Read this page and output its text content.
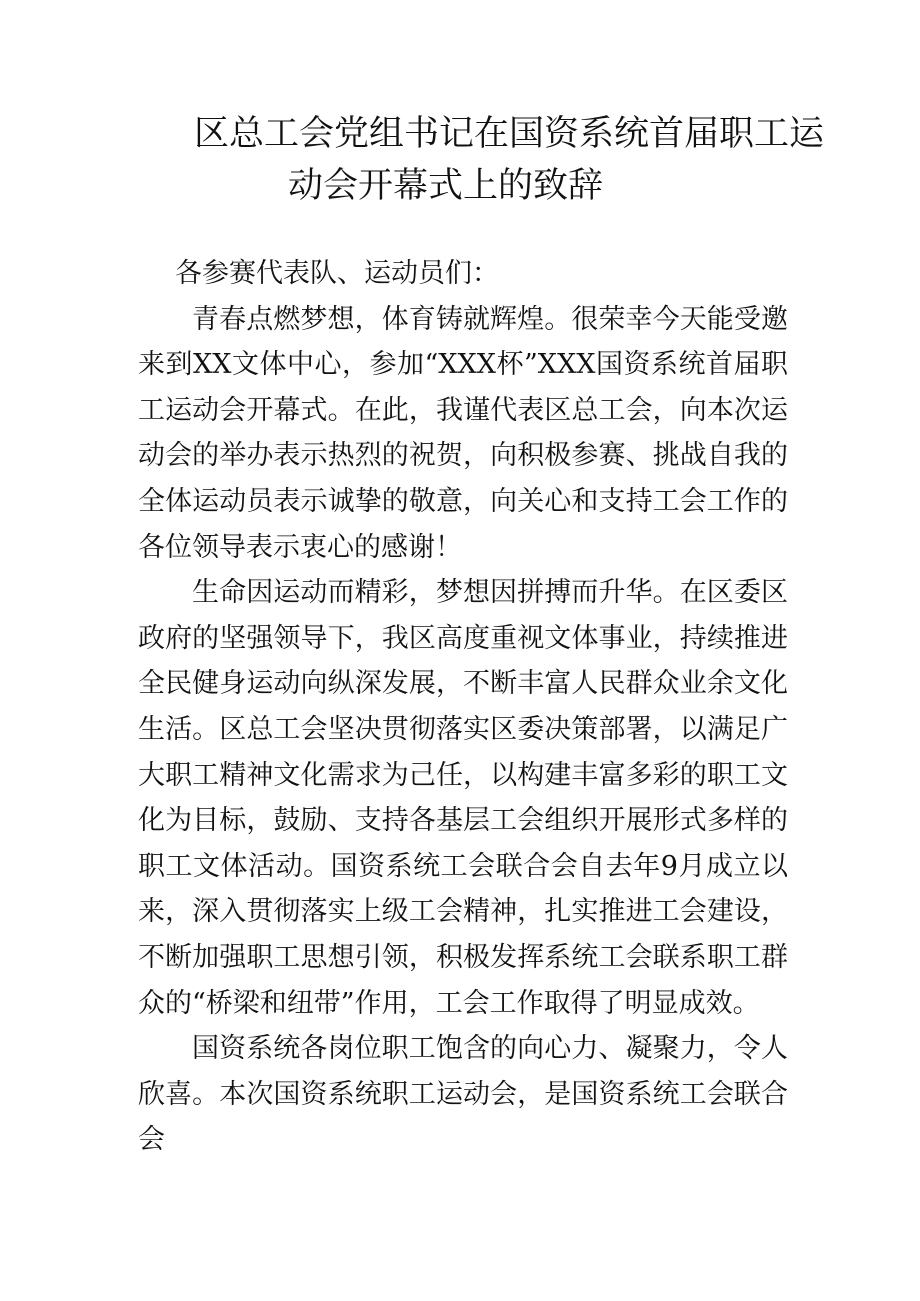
区总工会党组书记在国资系统首届职工运
动会开幕式上的致辞

各参赛代表队、运动员们：

青春点燃梦想，体育铸就辉煌。很荣幸今天能受邀来到XX文体中心，参加“XXX杯”XXX国资系统首届职工运动会开幕式。在此，我谨代表区总工会，向本次运动会的举办表示热烈的祝贺，向积极参赛、挑战自我的全体运动员表示诚挚的敬意，向关心和支持工会工作的各位领导表示衷心的感谢！

生命因运动而精彩，梦想因拼搏而升华。在区委区政府的坚强领导下，我区高度重视文体事业，持续推进全民健身运动向纵深发展，不断丰富人民群众业余文化生活。区总工会坚决贯彻落实区委决策部署，以满足广大职工精神文化需求为己任，以构建丰富多彩的职工文化为目标，鼓励、支持各基层工会组织开展形式多样的职工文体活动。国资系统工会联合会自去年9月成立以来，深入贯彻落实上级工会精神，扎实推进工会建设，不断加强职工思想引领，积极发挥系统工会联系职工群众的“桥梁和纽带”作用，工会工作取得了明显成效。

国资系统各岗位职工饱含的向心力、凝聚力，令人欣喜。本次国资系统职工运动会，是国资系统工会联合会
